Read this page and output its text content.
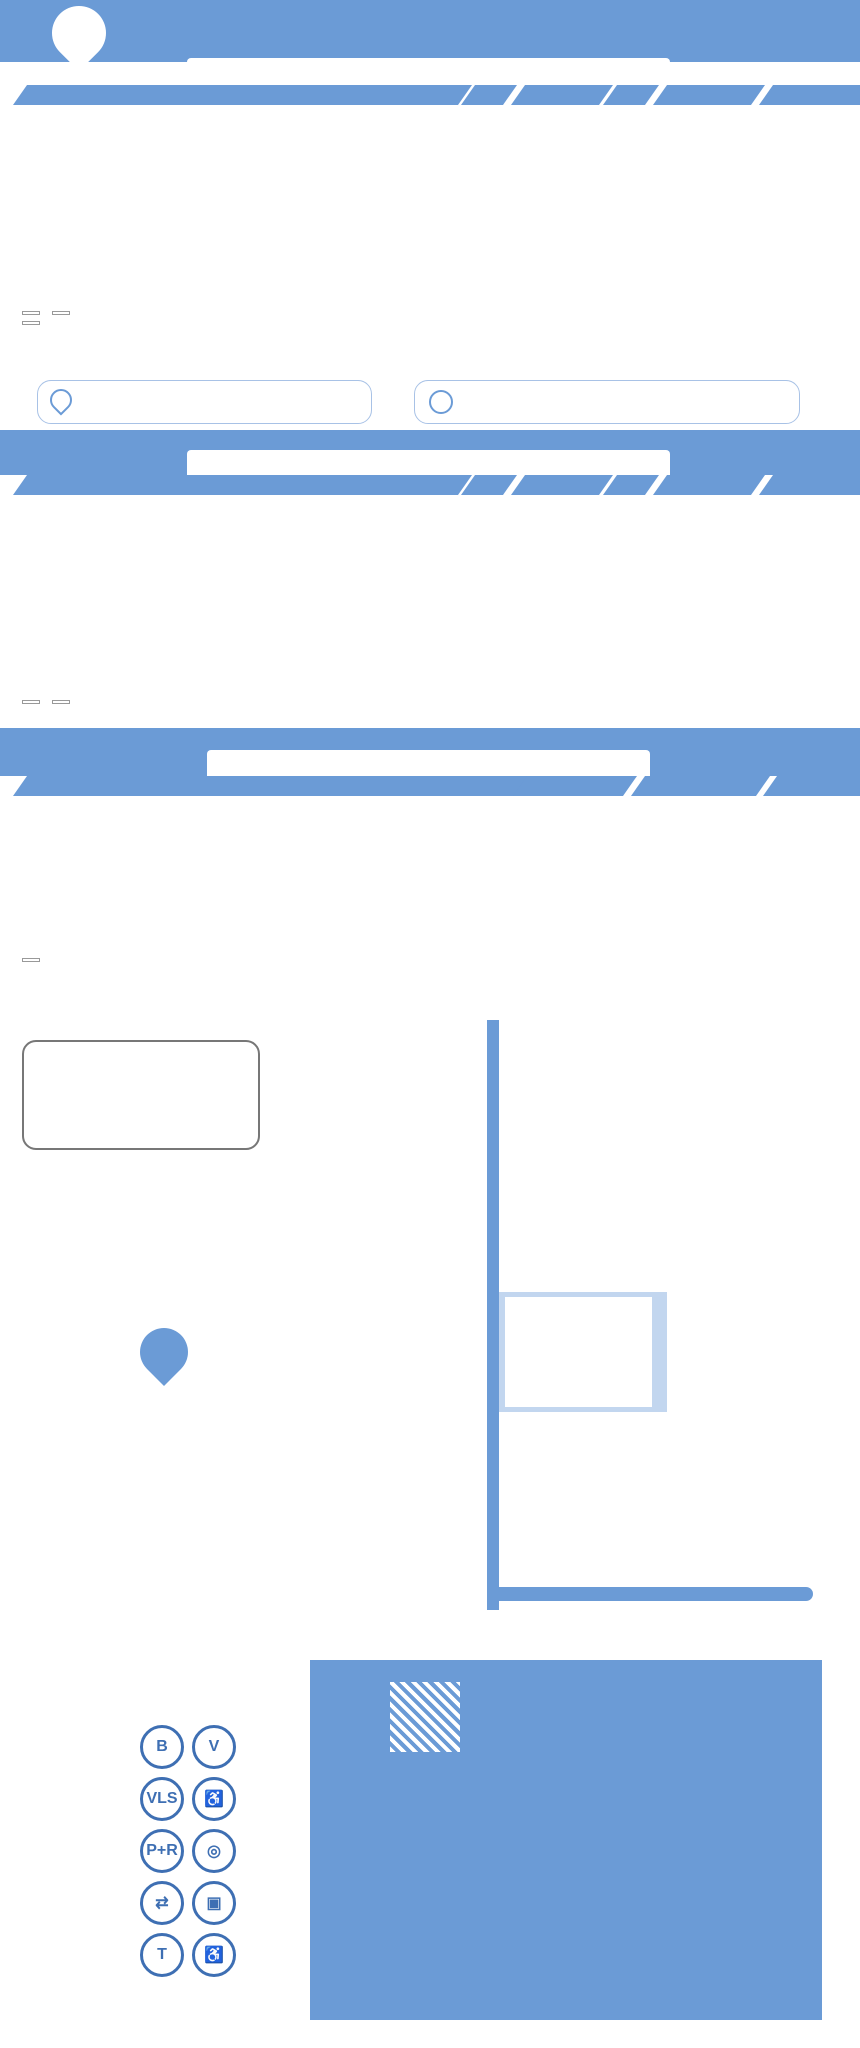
B	V
VLS	♿
P+R	◎
⇄	▣
T	♿
